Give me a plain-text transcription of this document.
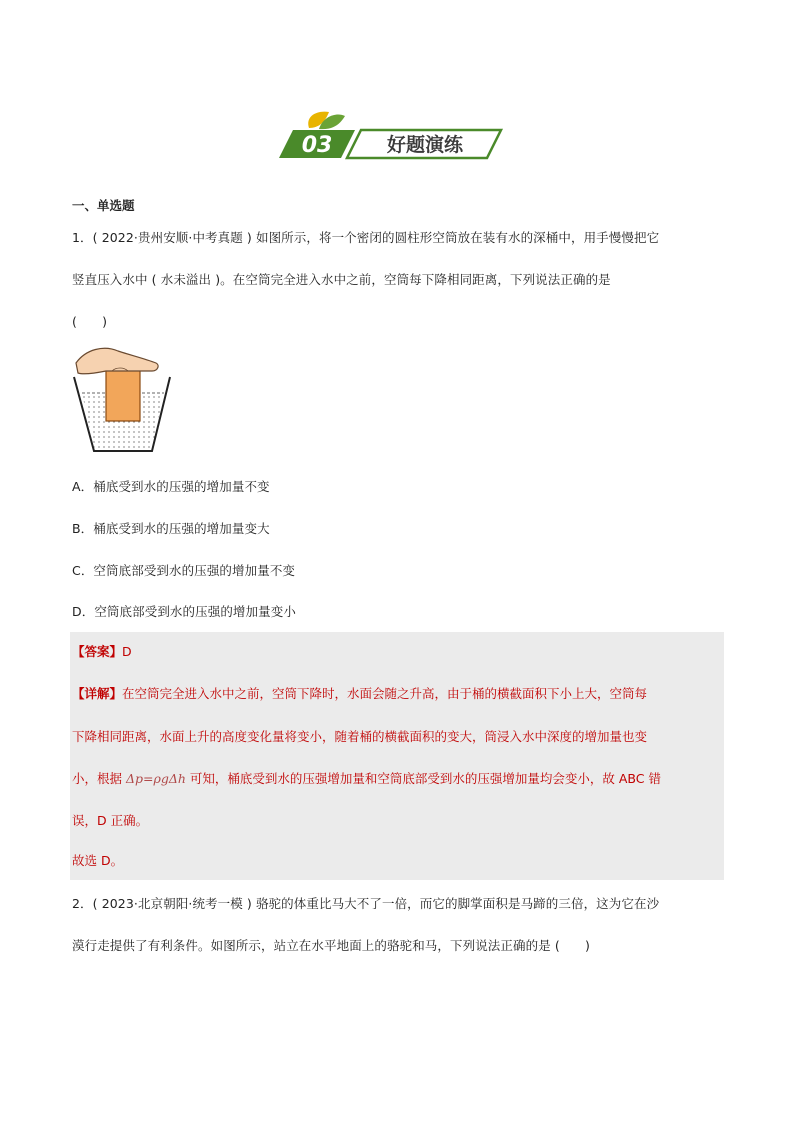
03	好题演练
一、单选题
1．( 2022·贵州安顺·中考真题 ) 如图所示，将一个密闭的圆柱形空筒放在装有水的深桶中，用手慢慢把它
竖直压入水中 ( 水未溢出 )。在空筒完全进入水中之前，空筒每下降相同距离，下列说法正确的是
(　　)
A．桶底受到水的压强的增加量不变
B．桶底受到水的压强的增加量变大
C．空筒底部受到水的压强的增加量不变
D．空筒底部受到水的压强的增加量变小
【答案】D
【详解】在空筒完全进入水中之前，空筒下降时，水面会随之升高，由于桶的横截面积下小上大，空筒每
下降相同距离，水面上升的高度变化量将变小，随着桶的横截面积的变大，筒浸入水中深度的增加量也变
小，根据 Δp=ρgΔh 可知，桶底受到水的压强增加量和空筒底部受到水的压强增加量均会变小，故 ABC 错
误，D 正确。
故选 D。
2．( 2023·北京朝阳·统考一模 ) 骆驼的体重比马大不了一倍，而它的脚掌面积是马蹄的三倍，这为它在沙
漠行走提供了有利条件。如图所示，站立在水平地面上的骆驼和马，下列说法正确的是 (　　)
